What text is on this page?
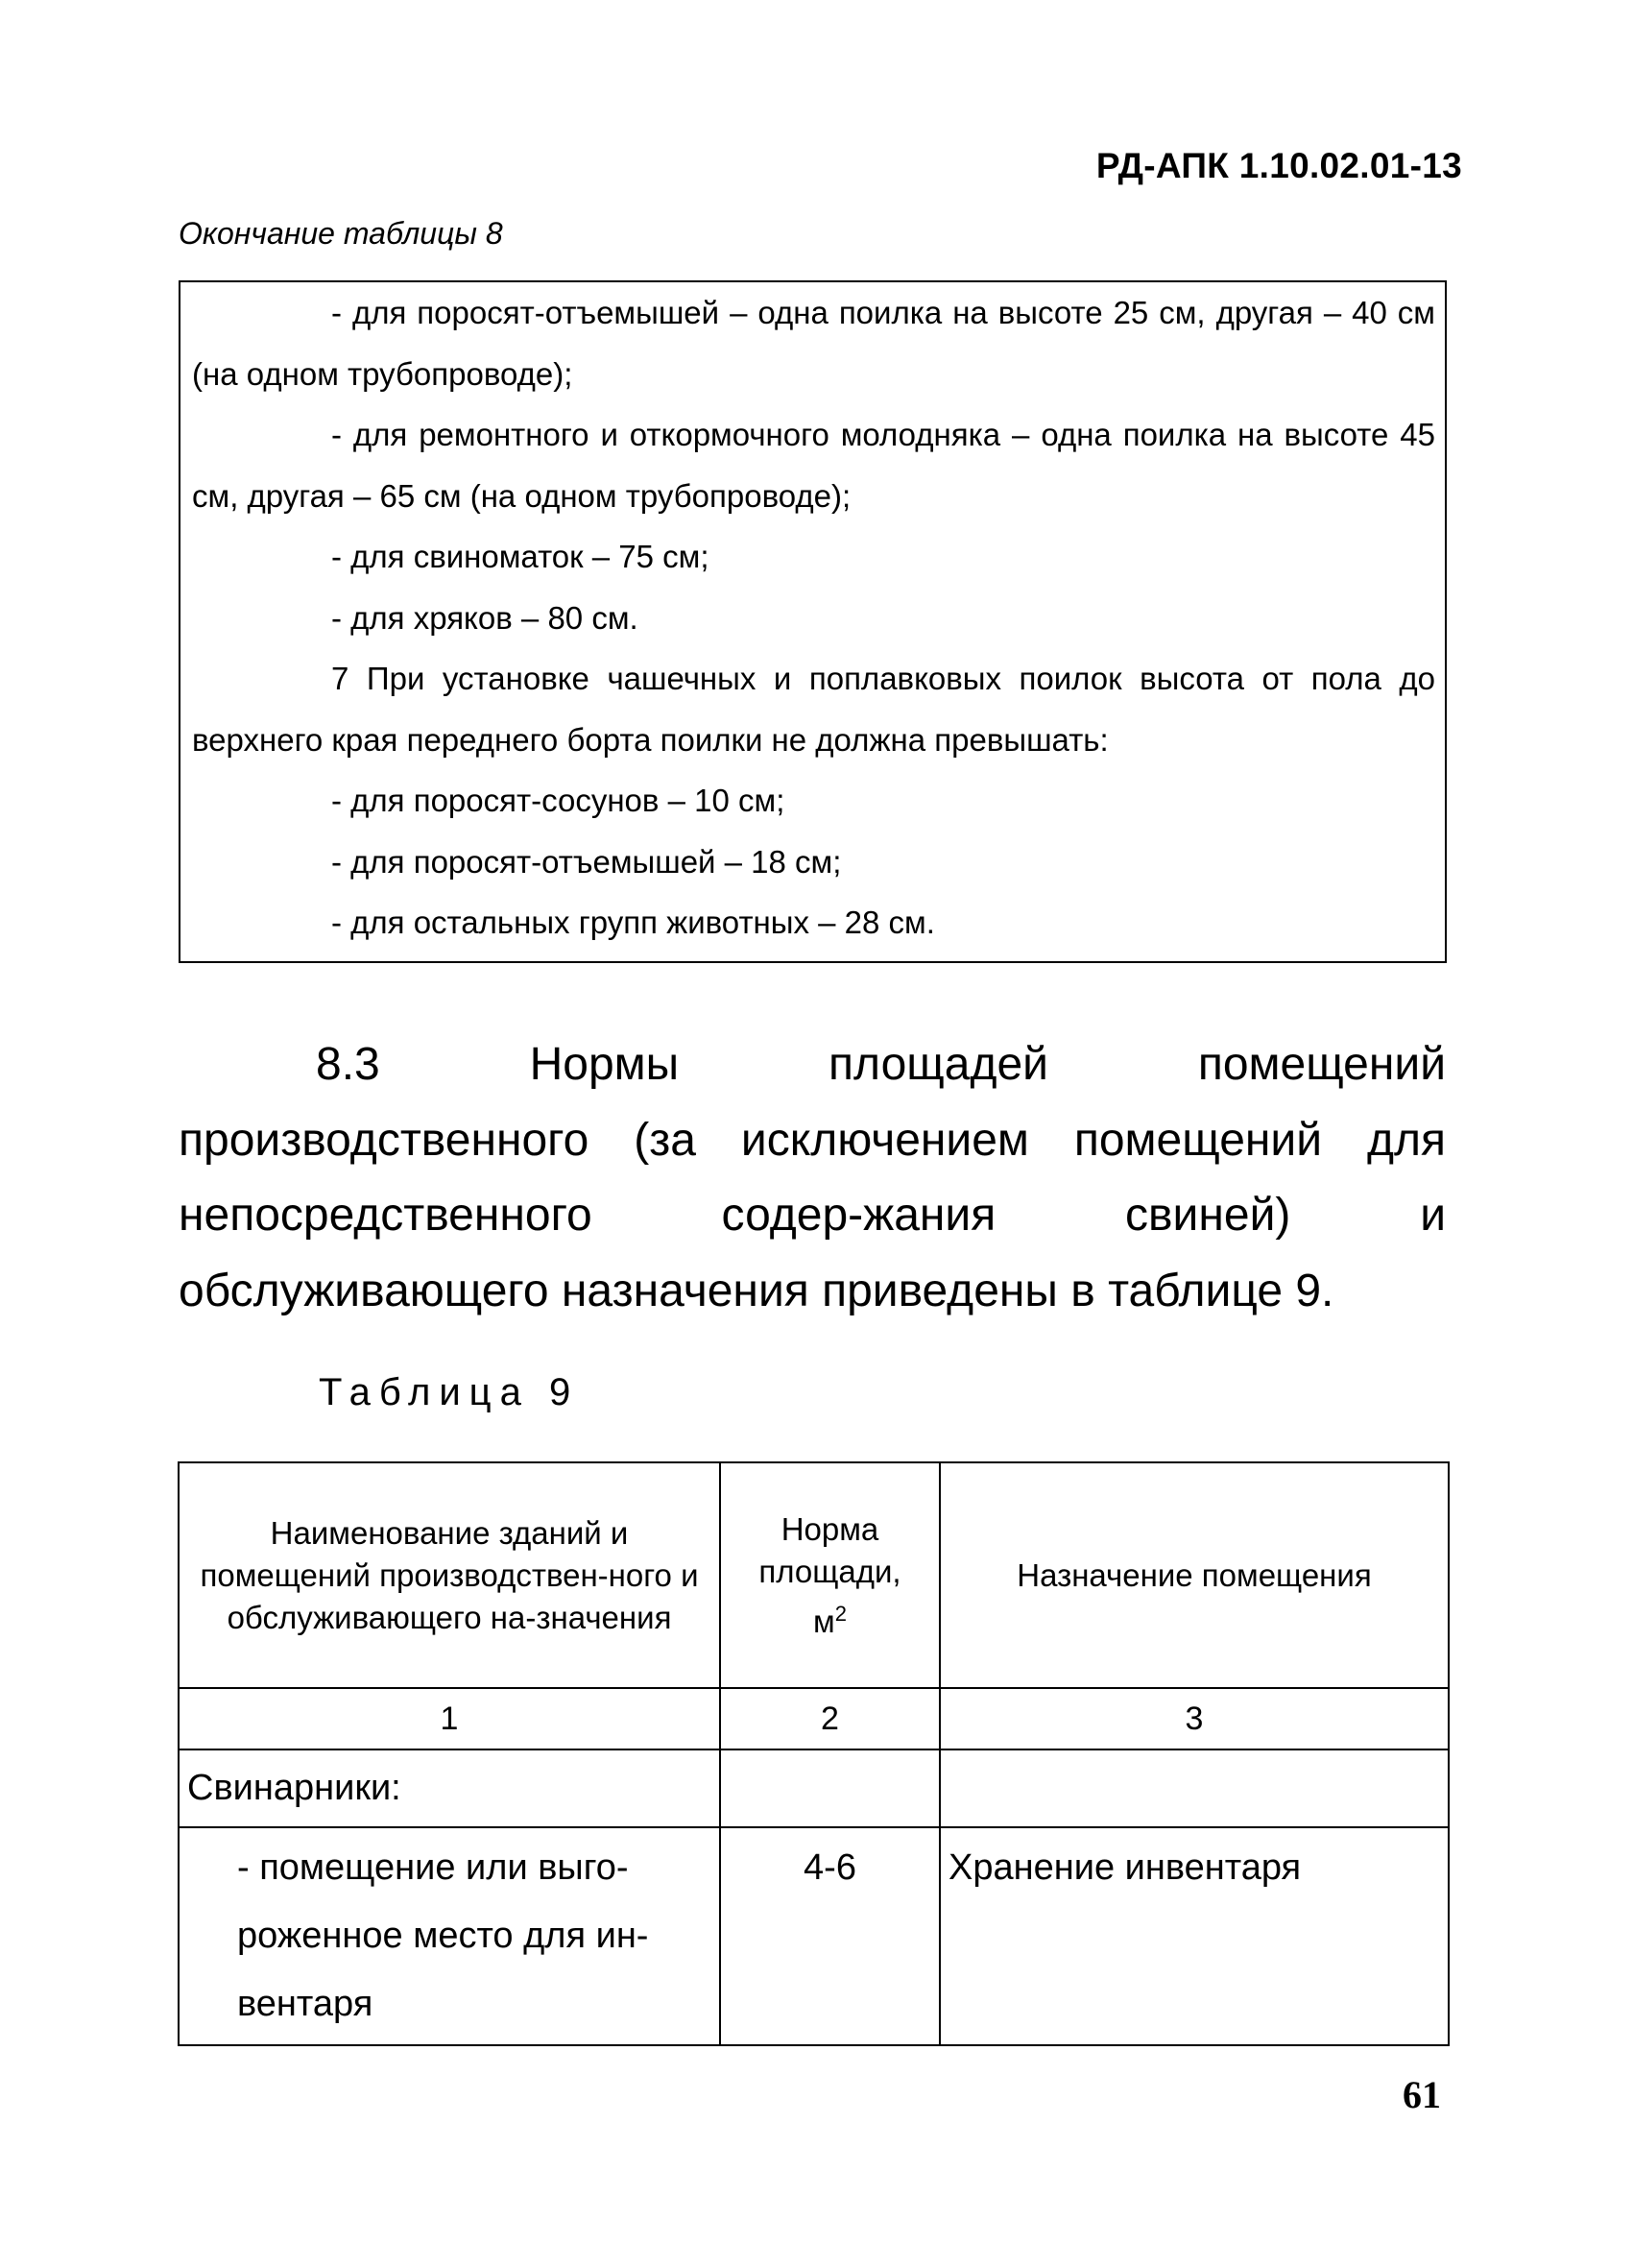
РД-АПК 1.10.02.01-13
Окончание таблицы 8

- для поросят-отъемышей – одна поилка на высоте 25 см, другая – 40 см (на одном трубопроводе);

- для ремонтного и откормочного молодняка – одна поилка на высоте 45 см, другая – 65 см (на одном трубопроводе);

- для свиноматок – 75 см;

- для хряков – 80 см.

7 При установке чашечных и поплавковых поилок высота от пола до верхнего края переднего борта поилки не должна превышать:

- для поросят-сосунов – 10 см;

- для поросят-отъемышей – 18 см;

- для остальных групп животных – 28 см.

8.3 Нормы площадей помещений производственного (за исключением помещений для непосредственного содер-жания свиней) и обслуживающего назначения приведены в таблице 9.

Таблица 9
Наименование зданий и помещений производствен-ного и обслуживающего на-значения	Норма площади, $м^2$	Назначение помещения
1	2	3
Свинарники:		
- помещение или выго-роженное место для ин-вентаря	4-6	Хранение инвентаря
61
